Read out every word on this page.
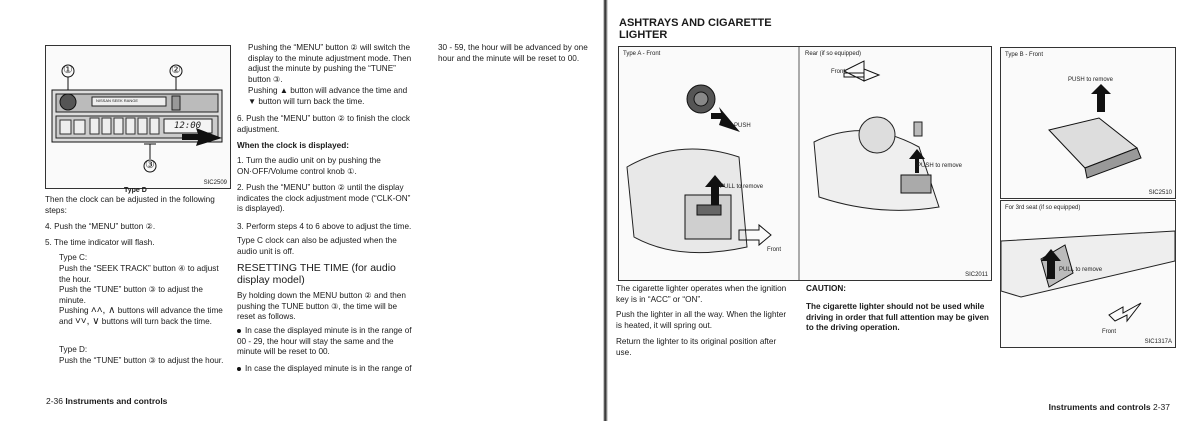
①	②
③
NISSAN SEEK RANGE
12:00
SIC2509
Type D
Then the clock can be adjusted in the following steps:
4. Push the “MENU” button ②.
5. The time indicator will flash.
Type C:
Push the “SEEK TRACK” button ④ to adjust the hour.
Push the “TUNE” button ③ to adjust the minute.
Pushing ˄˄, ∧ buttons will advance the time and ˅˅, ∨ buttons will turn back the time.
Type D:
Push the “TUNE” button ③ to adjust the hour.
Pushing the “MENU” button ② will switch the display to the minute adjustment mode. Then adjust the minute by pushing the “TUNE” button ③.
Pushing ▲ button will advance the time and ▼ button will turn back the time.
6. Push the “MENU” button ② to finish the clock adjustment.
When the clock is displayed:
1. Turn the audio unit on by pushing the ON·OFF/Volume control knob ①.
2. Push the “MENU” button ② until the display indicates the clock adjustment mode (“CLK-ON” is displayed).
3. Perform steps 4 to 6 above to adjust the time.
Type C clock can also be adjusted when the audio unit is off.
RESETTING THE TIME (for audio display model)
By holding down the MENU button ② and then pushing the TUNE button ③, the time will be reset as follows.
In case the displayed minute is in the range of 00 - 29, the hour will stay the same and the minute will be reset to 00.
In case the displayed minute is in the range of
30 - 59, the hour will be advanced by one hour and the minute will be reset to 00.
2-36 Instruments and controls
ASHTRAYS AND CIGARETTE LIGHTER
Type A - Front	Rear (if so equipped)
Front
PUSH
PUSH to remove
PULL to remove
Front
SIC2011
Type B - Front
PUSH to remove
SIC2510
For 3rd seat (if so equipped)
PULL to remove
Front
SIC1317A
The cigarette lighter operates when the ignition key is in “ACC” or “ON”.
Push the lighter in all the way. When the lighter is heated, it will spring out.
Return the lighter to its original position after use.
CAUTION:
The cigarette lighter should not be used while driving in order that full attention may be given to the driving operation.
Instruments and controls 2-37
